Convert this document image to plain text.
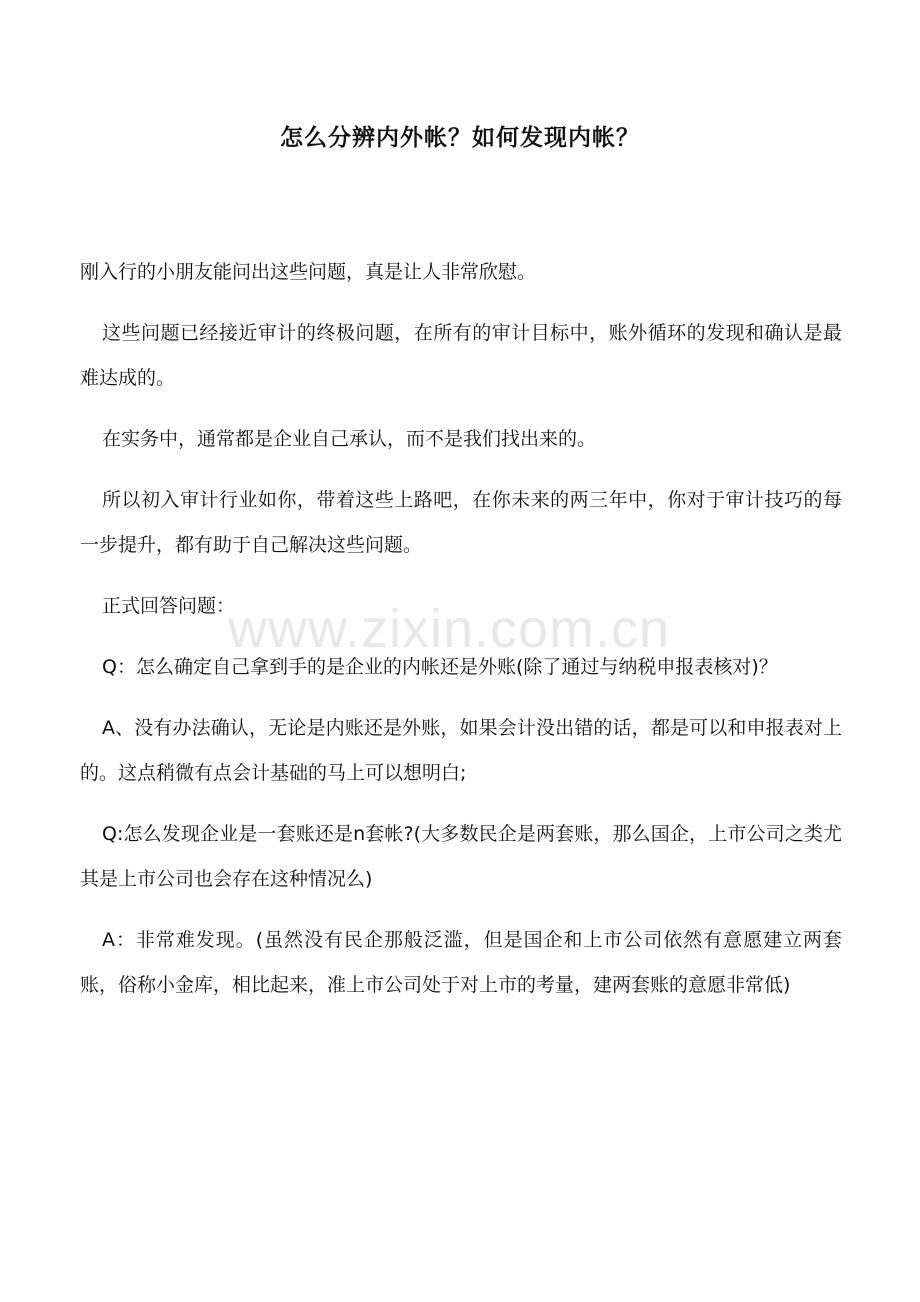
怎么分辨内外帐？如何发现内帐？

刚入行的小朋友能问出这些问题，真是让人非常欣慰。

这些问题已经接近审计的终极问题，在所有的审计目标中，账外循环的发现和确认是最难达成的。

在实务中，通常都是企业自己承认，而不是我们找出来的。

所以初入审计行业如你，带着这些上路吧，在你未来的两三年中，你对于审计技巧的每一步提升，都有助于自己解决这些问题。

正式回答问题：

Q：怎么确定自己拿到手的是企业的内帐还是外账(除了通过与纳税申报表核对)？

A、没有办法确认，无论是内账还是外账，如果会计没出错的话，都是可以和申报表对上的。这点稍微有点会计基础的马上可以想明白;

Q:怎么发现企业是一套账还是n套帐?(大多数民企是两套账，那么国企，上市公司之类尤其是上市公司也会存在这种情况么)

A：非常难发现。(虽然没有民企那般泛滥，但是国企和上市公司依然有意愿建立两套账，俗称小金库，相比起来，准上市公司处于对上市的考量，建两套账的意愿非常低)

www.zixin.com.cn
